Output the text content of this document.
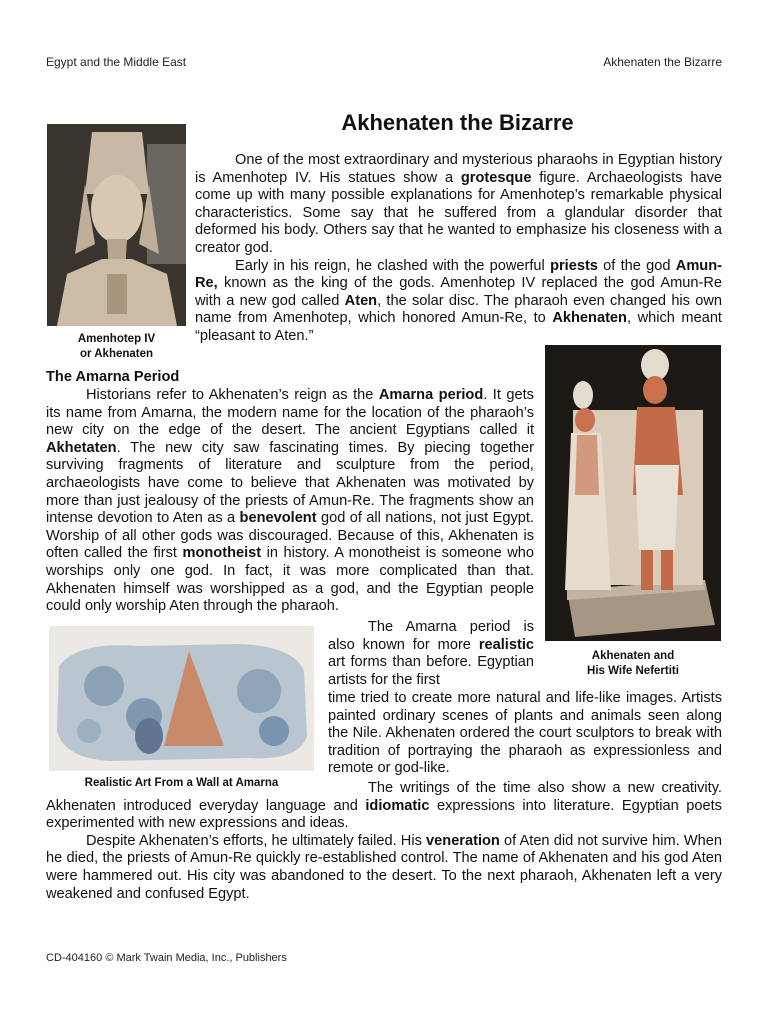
Egypt and the Middle East	Akhenaten the Bizarre
Akhenaten the Bizarre
Amenhotep IV
or Akhenaten

One of the most extraordinary and mysterious pharaohs in Egyptian history is Amenhotep IV. His statues show a grotesque figure. Archaeologists have come up with many possible explanations for Amenhotep’s remarkable physical characteristics. Some say that he suffered from a glandular disorder that deformed his body. Others say that he wanted to emphasize his closeness with a creator god.

Early in his reign, he clashed with the powerful priests of the god Amun-Re, known as the king of the gods. Amenhotep IV replaced the god Amun-Re with a new god called Aten, the solar disc. The pharaoh even changed his own name from Amenhotep, which honored Amun-Re, to Akhenaten, which meant “pleasant to Aten.”

Akhenaten and
His Wife Nefertiti
The Amarna Period

Historians refer to Akhenaten’s reign as the Amarna period. It gets its name from Amarna, the modern name for the location of the pharaoh’s new city on the edge of the desert. The ancient Egyptians called it Akhetaten. The new city saw fascinating times. By piecing together surviving fragments of literature and sculpture from the period, archaeologists have come to believe that Akhenaten was motivated by more than just jealousy of the priests of Amun-Re. The fragments show an intense devotion to Aten as a benevolent god of all nations, not just Egypt. Worship of all other gods was discouraged. Because of this, Akhenaten is often called the first monotheist in history. A monotheist is someone who worships only one god. In fact, it was more complicated than that. Akhenaten himself was worshipped as a god, and the Egyptian people could only worship Aten through the pharaoh.

Realistic Art From a Wall at Amarna

The Amarna period is also known for more realistic art forms than before. Egyptian artists for the first

time tried to create more natural and life-like images. Artists painted ordinary scenes of plants and animals seen along the Nile. Akhenaten ordered the court sculptors to break with tradition of portraying the pharaoh as expressionless and remote or god-like.

The writings of the time also show a new creativity. Akhenaten introduced everyday language and idiomatic expressions into literature. Egyptian poets experimented with new expressions and ideas.

Despite Akhenaten’s efforts, he ultimately failed. His veneration of Aten did not survive him. When he died, the priests of Amun-Re quickly re-established control. The name of Akhenaten and his god Aten were hammered out. His city was abandoned to the desert. To the next pharaoh, Akhenaten left a very weakened and confused Egypt.

CD-404160 © Mark Twain Media, Inc., Publishers
